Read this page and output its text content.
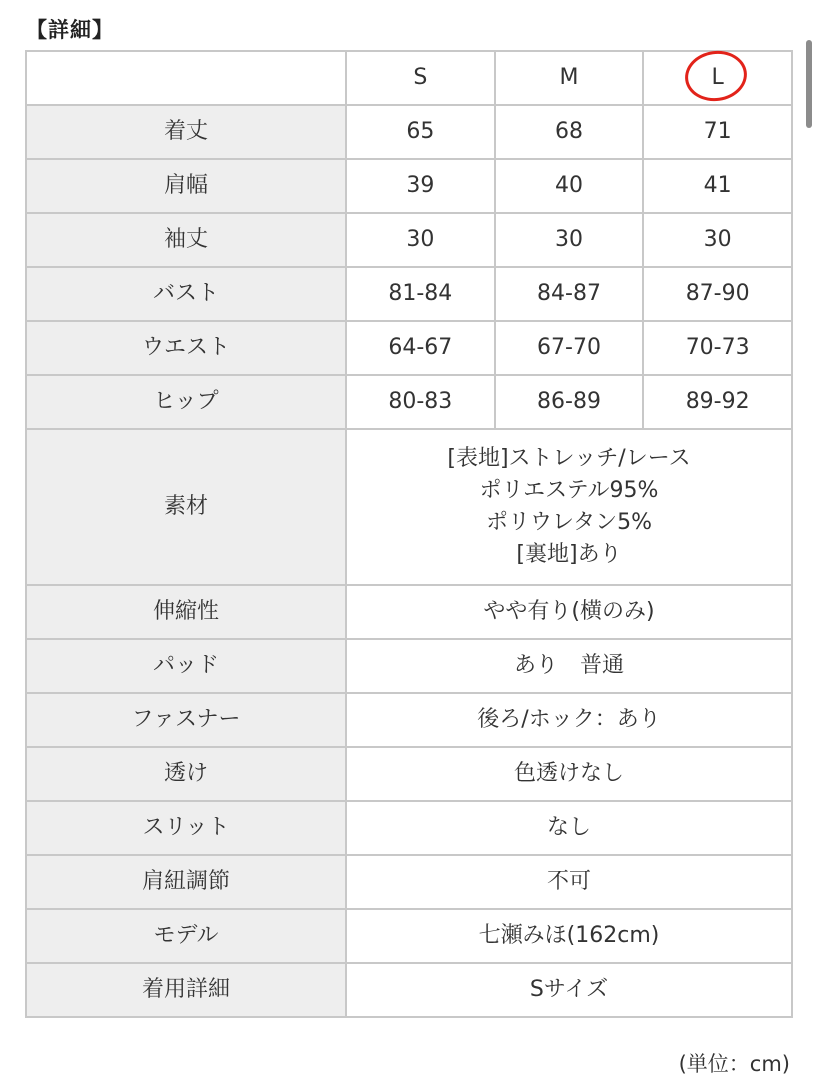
【詳細】
	S	M	L

着丈	65	68	71
肩幅	39	40	41
袖丈	30	30	30
バスト	81-84	84-87	87-90
ウエスト	64-67	67-70	70-73
ヒップ	80-83	86-89	89-92
素材	[表地]ストレッチ/レース
ポリエステル95%
ポリウレタン5%
[裏地]あり		

伸縮性	やや有り(横のみ)		
パッド	あり　普通		
ファスナー	後ろ/ホック：あり		
透け	色透けなし		
スリット	なし		
肩紐調節	不可		
モデル	七瀬みほ(162cm)		
着用詳細	Sサイズ		
(単位：cm)
